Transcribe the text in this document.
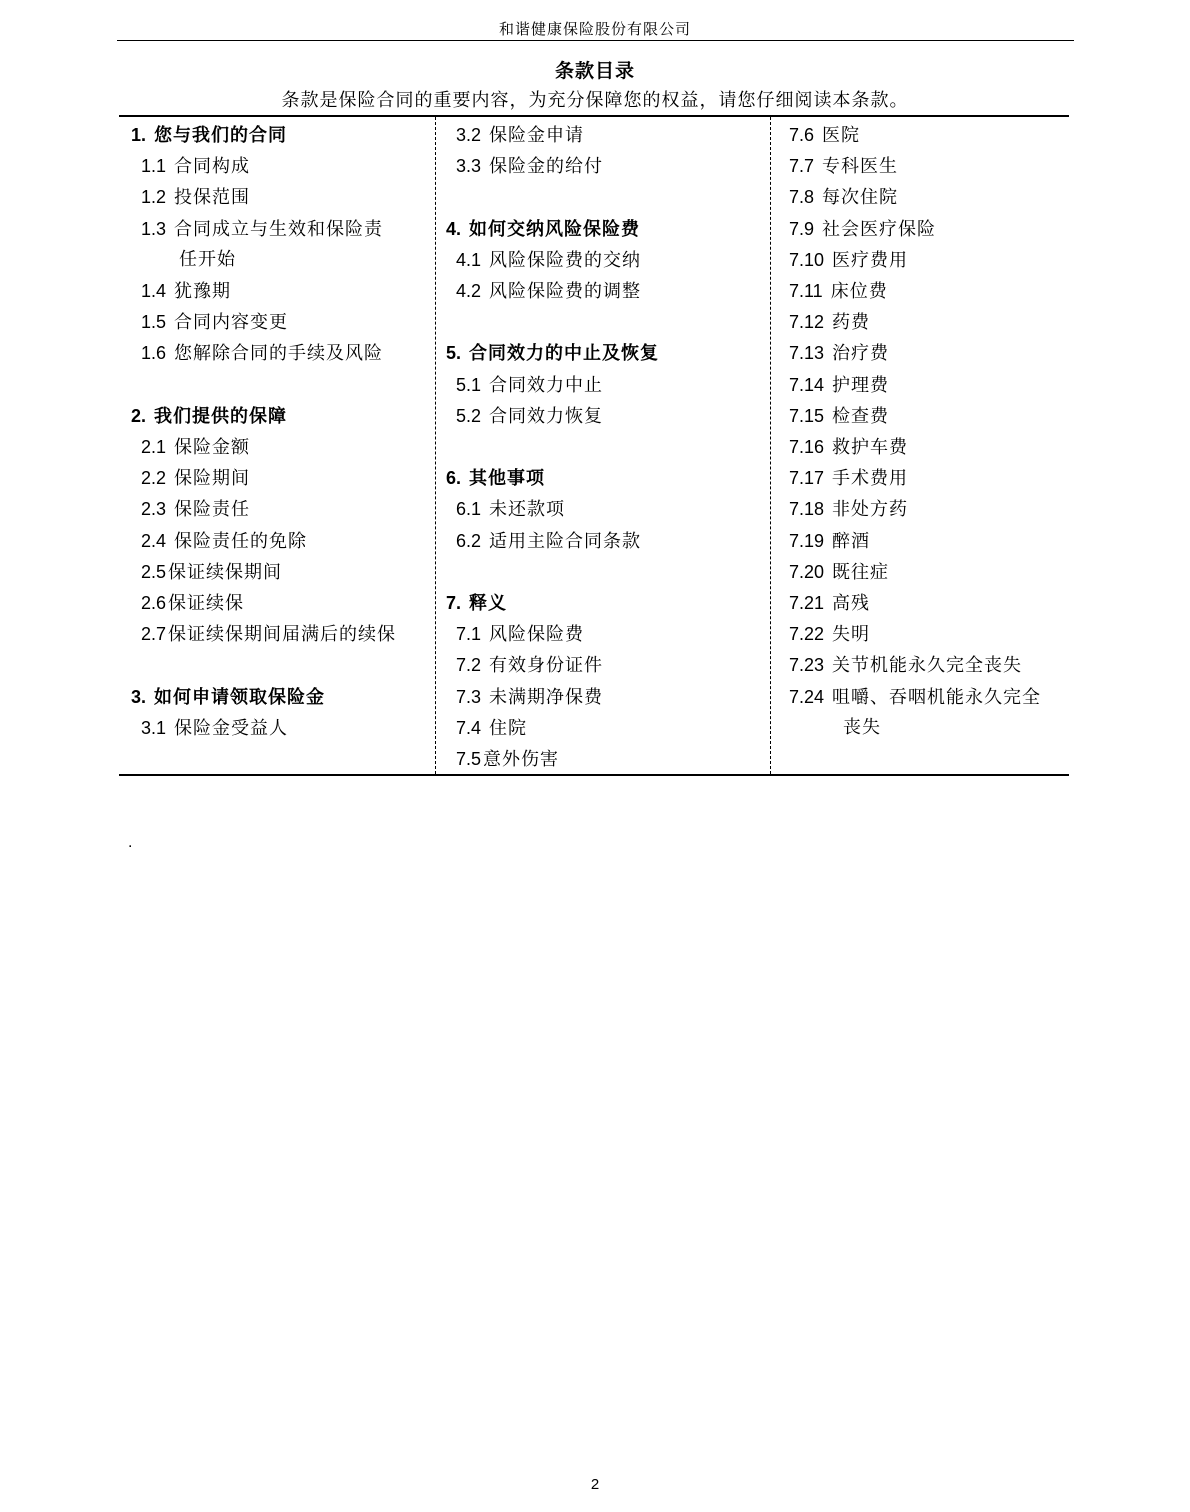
和谐健康保险股份有限公司
条款目录
条款是保险合同的重要内容，为充分保障您的权益，请您仔细阅读本条款。
1. 您与我们的合同
1.1 合同构成
1.2 投保范围
1.3 合同成立与生效和保险责
任开始
1.4 犹豫期
1.5 合同内容变更
1.6 您解除合同的手续及风险
2. 我们提供的保障
2.1 保险金额
2.2 保险期间
2.3 保险责任
2.4 保险责任的免除
2.5 保证续保期间
2.6 保证续保
2.7 保证续保期间届满后的续保
3. 如何申请领取保险金
3.1 保险金受益人
3.2 保险金申请
3.3 保险金的给付
4. 如何交纳风险保险费
4.1 风险保险费的交纳
4.2 风险保险费的调整
5. 合同效力的中止及恢复
5.1 合同效力中止
5.2 合同效力恢复
6. 其他事项
6.1 未还款项
6.2 适用主险合同条款
7. 释义
7.1 风险保险费
7.2 有效身份证件
7.3 未满期净保费
7.4 住院
7.5 意外伤害
7.6 医院
7.7 专科医生
7.8 每次住院
7.9 社会医疗保险
7.10 医疗费用
7.11 床位费
7.12 药费
7.13 治疗费
7.14 护理费
7.15 检查费
7.16 救护车费
7.17 手术费用
7.18 非处方药
7.19 醉酒
7.20 既往症
7.21 高残
7.22 失明
7.23 关节机能永久完全丧失
7.24 咀嚼、吞咽机能永久完全
丧失
.
2
